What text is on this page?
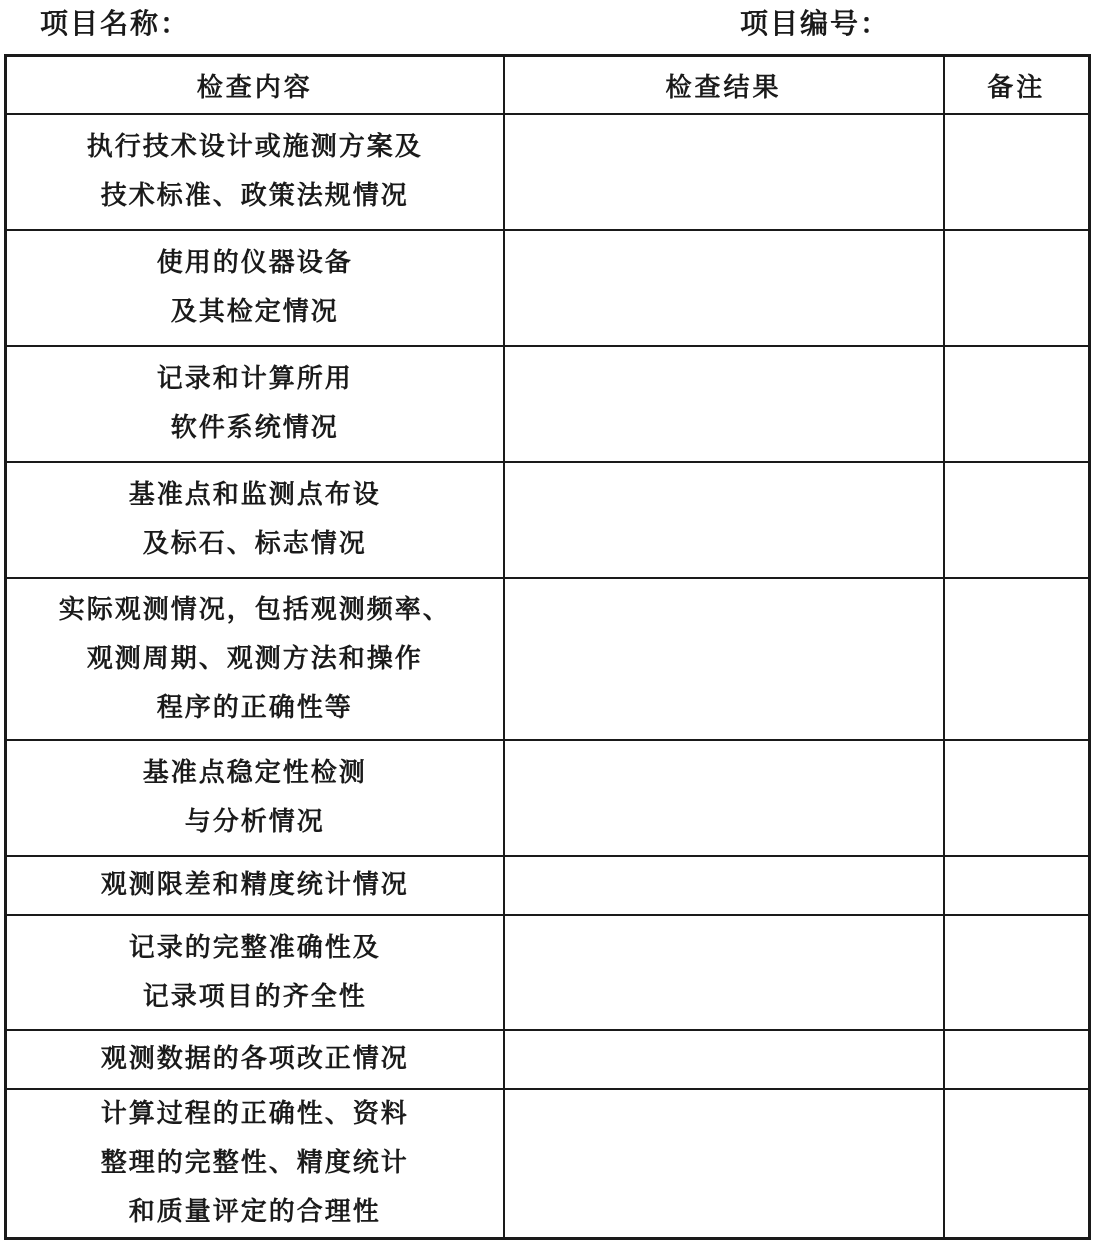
项目名称：	项目编号：
检查内容	检查结果	备注

执行技术设计或施测方案及
技术标准、政策法规情况		

使用的仪器设备
及其检定情况		

记录和计算所用
软件系统情况		

基准点和监测点布设
及标石、标志情况		

实际观测情况，包括观测频率、
观测周期、观测方法和操作
程序的正确性等		

基准点稳定性检测
与分析情况		

观测限差和精度统计情况		

记录的完整准确性及
记录项目的齐全性		

观测数据的各项改正情况		

计算过程的正确性、资料
整理的完整性、精度统计
和质量评定的合理性		
